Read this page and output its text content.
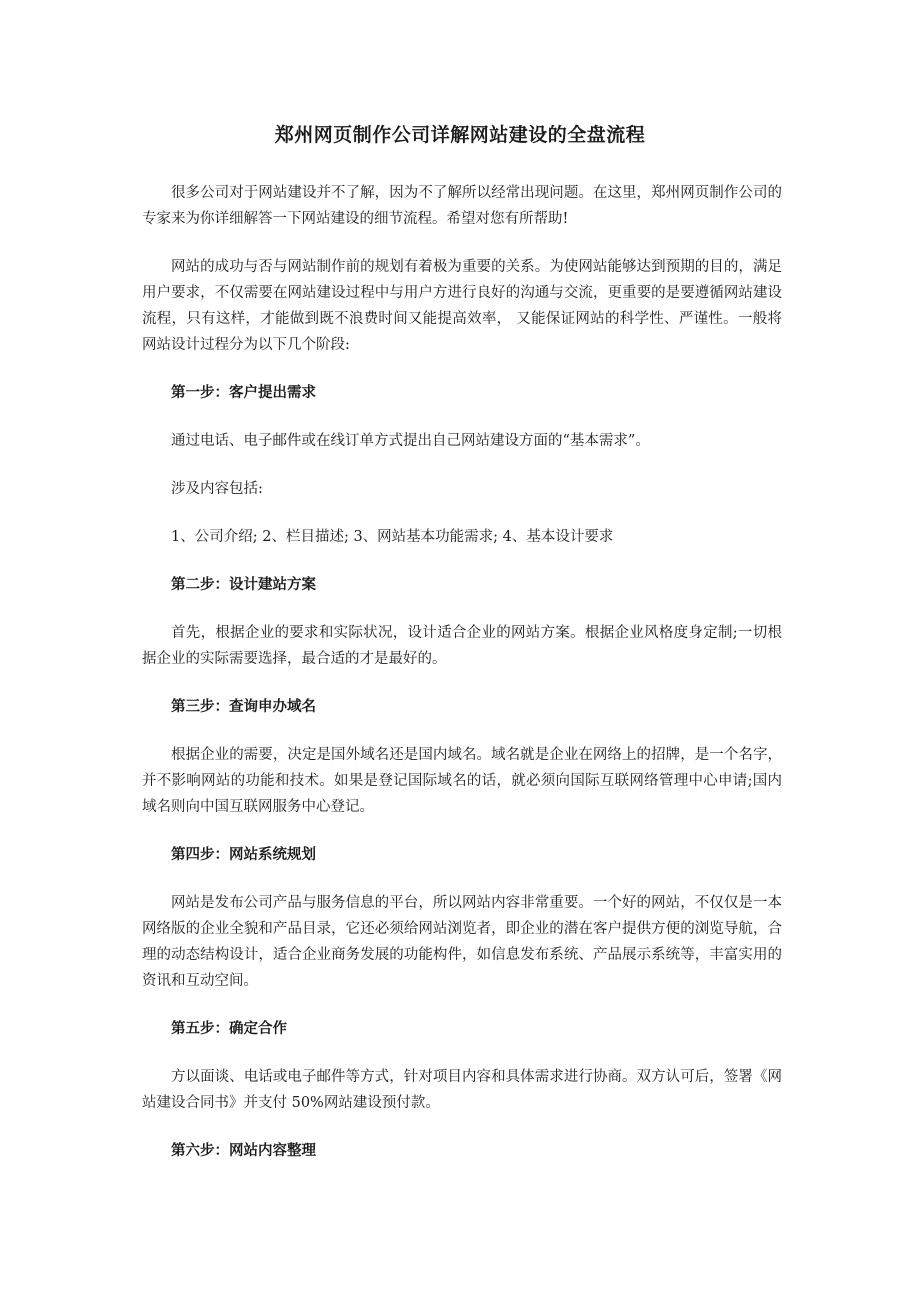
郑州网页制作公司详解网站建设的全盘流程

很多公司对于网站建设并不了解，因为不了解所以经常出现问题。在这里，郑州网页制作公司的专家来为你详细解答一下网站建设的细节流程。希望对您有所帮助!

网站的成功与否与网站制作前的规划有着极为重要的关系。为使网站能够达到预期的目的，满足用户要求，不仅需要在网站建设过程中与用户方进行良好的沟通与交流，更重要的是要遵循网站建设流程，只有这样，才能做到既不浪费时间又能提高效率， 又能保证网站的科学性、严谨性。一般将网站设计过程分为以下几个阶段:

第一步：客户提出需求

通过电话、电子邮件或在线订单方式提出自己网站建设方面的“基本需求”。

涉及内容包括:

1、公司介绍; 2、栏目描述; 3、网站基本功能需求; 4、基本设计要求

第二步：设计建站方案

首先，根据企业的要求和实际状况，设计适合企业的网站方案。根据企业风格度身定制;一切根据企业的实际需要选择，最合适的才是最好的。

第三步：查询申办域名

根据企业的需要，决定是国外域名还是国内域名。域名就是企业在网络上的招牌，是一个名字，并不影响网站的功能和技术。如果是登记国际域名的话，就必须向国际互联网络管理中心申请;国内域名则向中国互联网服务中心登记。

第四步：网站系统规划

网站是发布公司产品与服务信息的平台，所以网站内容非常重要。一个好的网站，不仅仅是一本网络版的企业全貌和产品目录，它还必须给网站浏览者，即企业的潜在客户提供方便的浏览导航，合理的动态结构设计，适合企业商务发展的功能构件，如信息发布系统、产品展示系统等，丰富实用的资讯和互动空间。

第五步：确定合作

方以面谈、电话或电子邮件等方式，针对项目内容和具体需求进行协商。双方认可后，签署《网站建设合同书》并支付 50%网站建设预付款。

第六步：网站内容整理
